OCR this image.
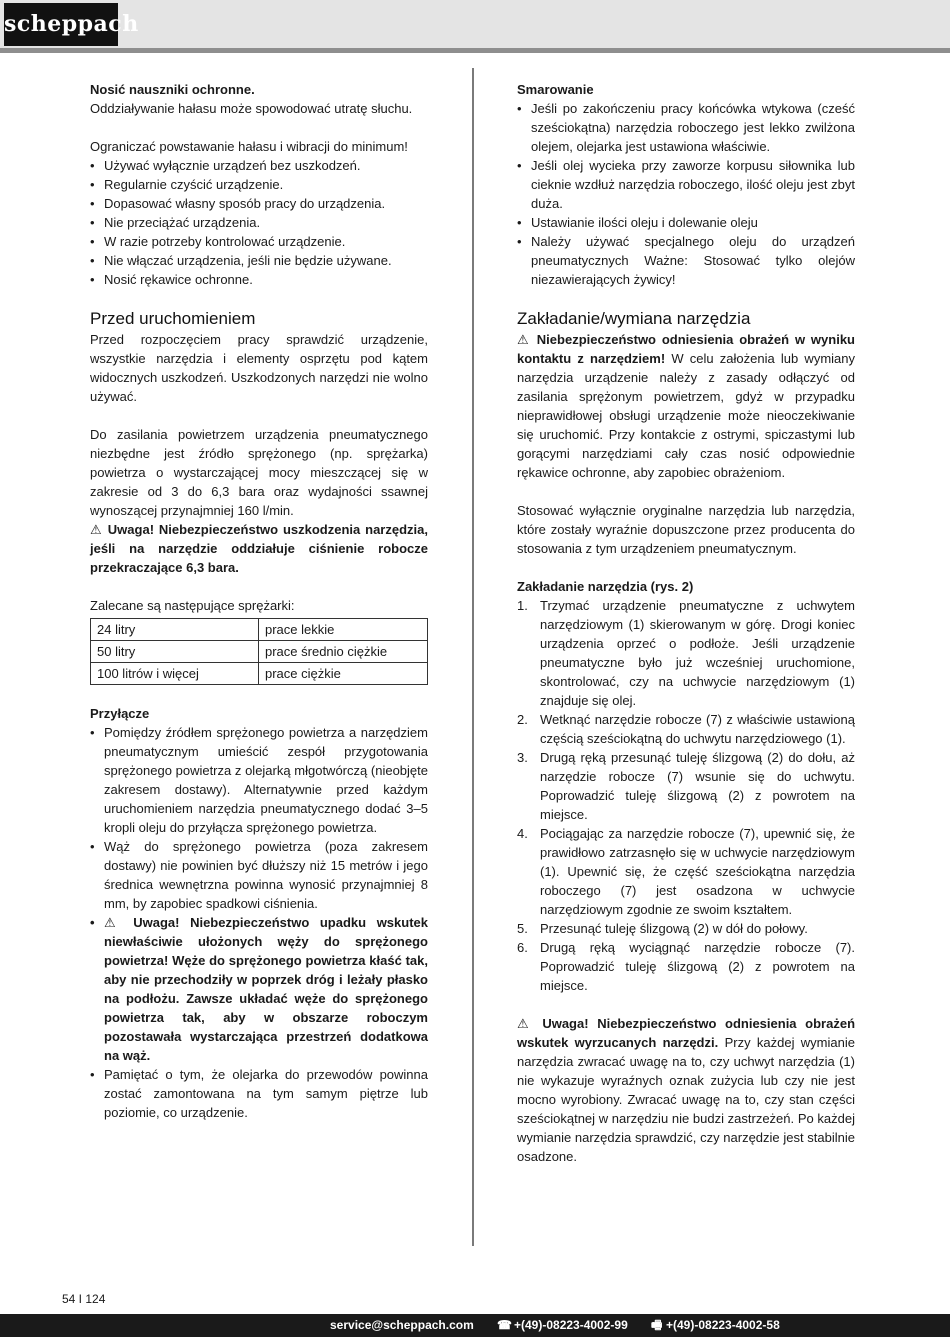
scheppach

Nosić nauszniki ochronne.

Oddziaływanie hałasu może spowodować utratę słuchu.

Ograniczać powstawanie hałasu i wibracji do minimum!

• Używać wyłącznie urządzeń bez uszkodzeń.
• Regularnie czyścić urządzenie.
• Dopasować własny sposób pracy do urządzenia.
• Nie przeciążać urządzenia.
• W razie potrzeby kontrolować urządzenie.
• Nie włączać urządzenia, jeśli nie będzie używane.
• Nosić rękawice ochronne.
Przed uruchomieniem

Przed rozpoczęciem pracy sprawdzić urządzenie, wszystkie narzędzia i elementy osprzętu pod kątem widocznych uszkodzeń. Uszkodzonych narzędzi nie wolno używać.

Do zasilania powietrzem urządzenia pneumatycznego niezbędne jest źródło sprężonego (np. sprężarka) powietrza o wystarczającej mocy mieszczącej się w zakresie od 3 do 6,3 bara oraz wydajności ssawnej wynoszącej przynajmniej 160 l/min.

⚠ Uwaga! Niebezpieczeństwo uszkodzenia narzędzia, jeśli na narzędzie oddziałuje ciśnienie robocze przekraczające 6,3 bara.

Zalecane są następujące sprężarki:

24 litry	prace lekkie
50 litry	prace średnio ciężkie
100 litrów i więcej	prace ciężkie

Przyłącze

• Pomiędzy źródłem sprężonego powietrza a narzędziem pneumatycznym umieścić zespół przygotowania sprężonego powietrza z olejarką młgotwórczą (nieobjęte zakresem dostawy). Alternatywnie przed każdym uruchomieniem narzędzia pneumatycznego dodać 3–5 kropli oleju do przyłącza sprężonego powietrza.
• Wąż do sprężonego powietrza (poza zakresem dostawy) nie powinien być dłuższy niż 15 metrów i jego średnica wewnętrzna powinna wynosić przynajmniej 8 mm, by zapobiec spadkowi ciśnienia.
• ⚠ Uwaga! Niebezpieczeństwo upadku wskutek niewłaściwie ułożonych węży do sprężonego powietrza! Węże do sprężonego powietrza kłaść tak, aby nie przechodziły w poprzek dróg i leżały płasko na podłożu. Zawsze układać węże do sprężonego powietrza tak, aby w obszarze roboczym pozostawała wystarczająca przestrzeń dodatkowa na wąż.
• Pamiętać o tym, że olejarka do przewodów powinna zostać zamontowana na tym samym piętrze lub poziomie, co urządzenie.

Smarowanie

• Jeśli po zakończeniu pracy końcówka wtykowa (cześć sześciokątna) narzędzia roboczego jest lekko zwilżona olejem, olejarka jest ustawiona właściwie.
• Jeśli olej wycieka przy zaworze korpusu siłownika lub cieknie wzdłuż narzędzia roboczego, ilość oleju jest zbyt duża.
• Ustawianie ilości oleju i dolewanie oleju
• Należy używać specjalnego oleju do urządzeń pneumatycznych Ważne: Stosować tylko olejów niezawierających żywicy!
Zakładanie/wymiana narzędzia

⚠ Niebezpieczeństwo odniesienia obrażeń w wyniku kontaktu z narzędziem! W celu założenia lub wymiany narzędzia urządzenie należy z zasady odłączyć od zasilania sprężonym powietrzem, gdyż w przypadku nieprawidłowej obsługi urządzenie może nieoczekiwanie się uruchomić. Przy kontakcie z ostrymi, spiczastymi lub gorącymi narzędziami cały czas nosić odpowiednie rękawice ochronne, aby zapobiec obrażeniom.

Stosować wyłącznie oryginalne narzędzia lub narzędzia, które zostały wyraźnie dopuszczone przez producenta do stosowania z tym urządzeniem pneumatycznym.

Zakładanie narzędzia (rys. 2)

1. Trzymać urządzenie pneumatyczne z uchwytem narzędziowym (1) skierowanym w górę. Drogi koniec urządzenia oprzeć o podłoże. Jeśli urządzenie pneumatyczne było już wcześniej uruchomione, skontrolować, czy na uchwycie narzędziowym (1) znajduje się olej.
2. Wetknąć narzędzie robocze (7) z właściwie ustawioną częścią sześciokątną do uchwytu narzędziowego (1).
3. Drugą ręką przesunąć tuleję ślizgową (2) do dołu, aż narzędzie robocze (7) wsunie się do uchwytu. Poprowadzić tuleję ślizgową (2) z powrotem na miejsce.
4. Pociągając za narzędzie robocze (7), upewnić się, że prawidłowo zatrzasnęło się w uchwycie narzędziowym (1). Upewnić się, że część sześciokątna narzędzia roboczego (7) jest osadzona w uchwycie narzędziowym zgodnie ze swoim kształtem.
5. Przesunąć tuleję ślizgową (2) w dół do połowy.
6. Drugą ręką wyciągnąć narzędzie robocze (7). Poprowadzić tuleję ślizgową (2) z powrotem na miejsce.

⚠ Uwaga! Niebezpieczeństwo odniesienia obrażeń wskutek wyrzucanych narzędzi. Przy każdej wymianie narzędzia zwracać uwagę na to, czy uchwyt narzędzia (1) nie wykazuje wyraźnych oznak zużycia lub czy nie jest mocno wyrobiony. Zwracać uwagę na to, czy stan części sześciokątnej w narzędziu nie budzi zastrzeżeń. Po każdej wymianie narzędzia sprawdzić, czy narzędzie jest stabilnie osadzone.

54 I 124
service@scheppach.com ☎ +(49)-08223-4002-99 🖷 +(49)-08223-4002-58
